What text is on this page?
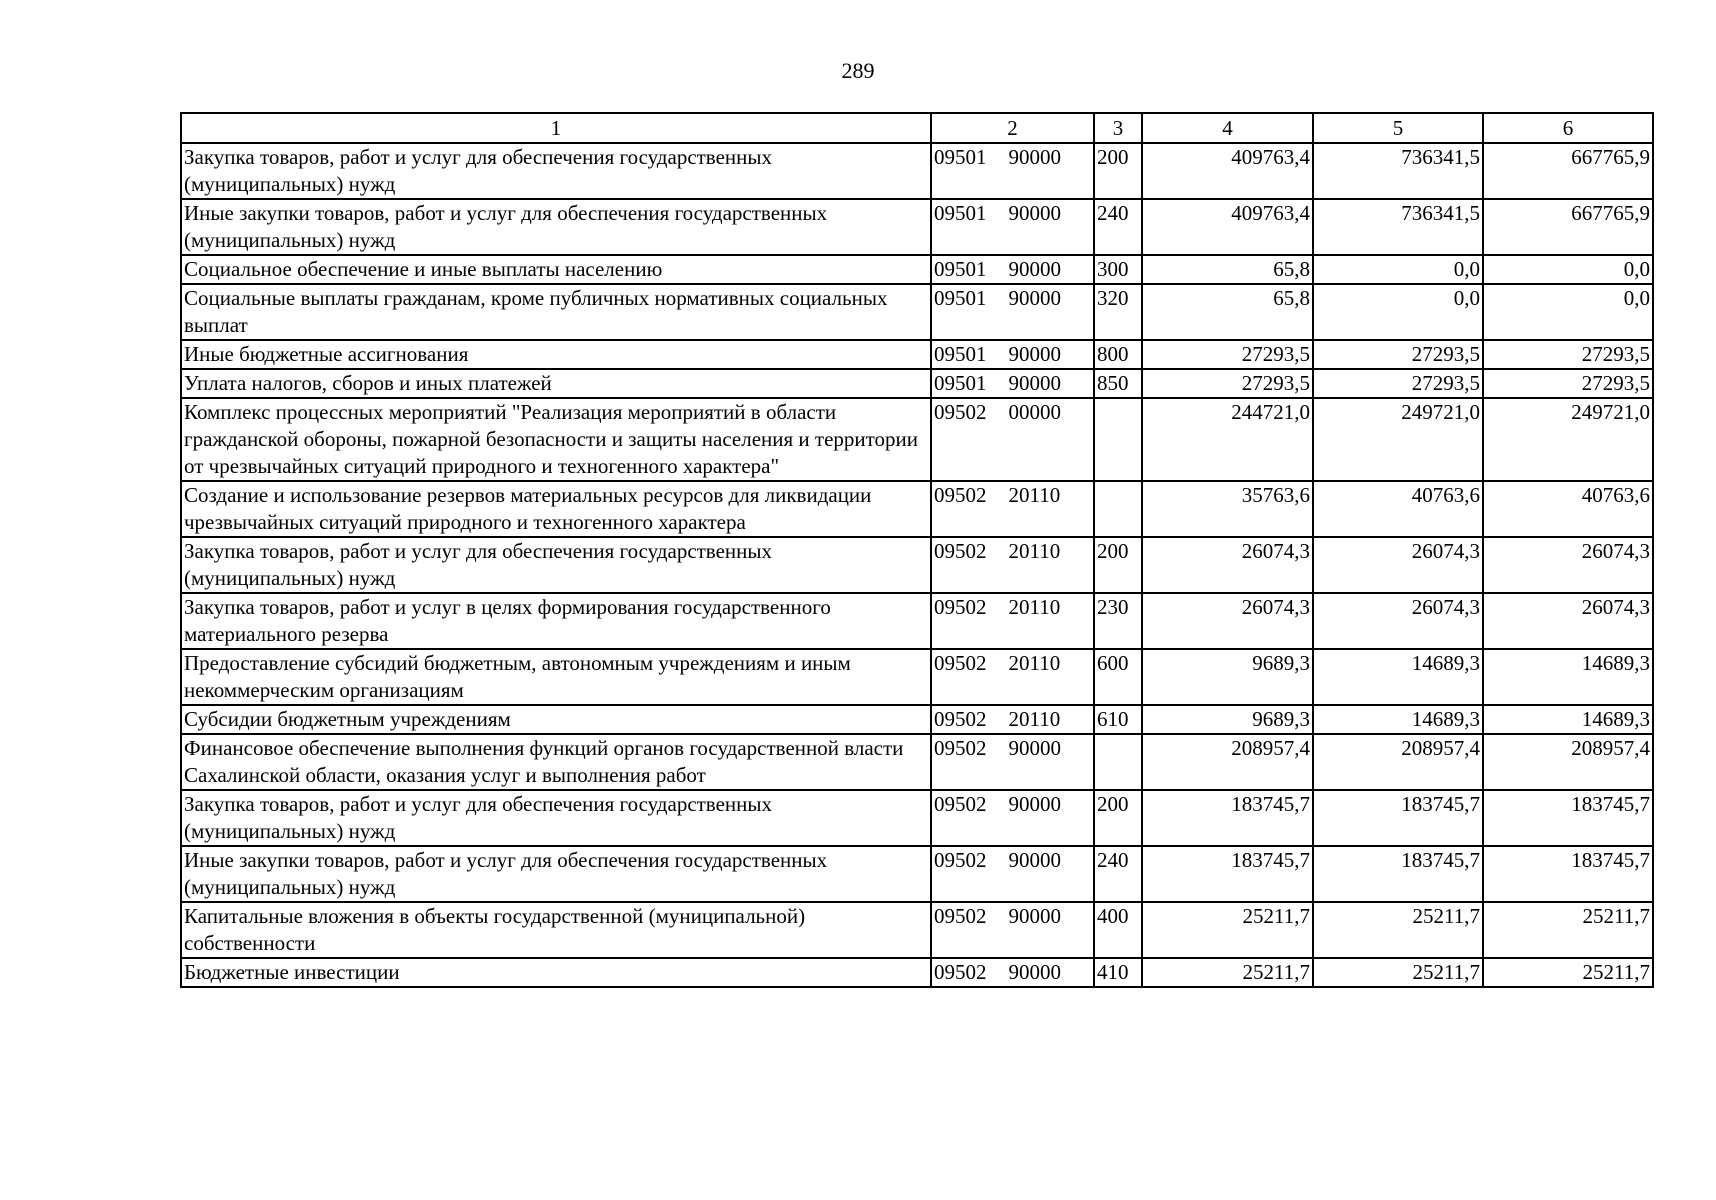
289
1	2	3	4	5	6
Закупка товаров, работ и услуг для обеспечения государственных (муниципальных) нужд	09501 90000	200	409763,4	736341,5	667765,9
Иные закупки товаров, работ и услуг для обеспечения государственных (муниципальных) нужд	09501 90000	240	409763,4	736341,5	667765,9
Социальное обеспечение и иные выплаты населению	09501 90000	300	65,8	0,0	0,0
Социальные выплаты гражданам, кроме публичных нормативных социальных выплат	09501 90000	320	65,8	0,0	0,0
Иные бюджетные ассигнования	09501 90000	800	27293,5	27293,5	27293,5
Уплата налогов, сборов и иных платежей	09501 90000	850	27293,5	27293,5	27293,5
Комплекс процессных мероприятий "Реализация мероприятий в области гражданской обороны, пожарной безопасности и защиты населения и территории от чрезвычайных ситуаций природного и техногенного характера"	09502 00000		244721,0	249721,0	249721,0
Создание и использование резервов материальных ресурсов для ликвидации чрезвычайных ситуаций природного и техногенного характера	09502 20110		35763,6	40763,6	40763,6
Закупка товаров, работ и услуг для обеспечения государственных (муниципальных) нужд	09502 20110	200	26074,3	26074,3	26074,3
Закупка товаров, работ и услуг в целях формирования государственного материального резерва	09502 20110	230	26074,3	26074,3	26074,3
Предоставление субсидий бюджетным, автономным учреждениям и иным некоммерческим организациям	09502 20110	600	9689,3	14689,3	14689,3
Субсидии бюджетным учреждениям	09502 20110	610	9689,3	14689,3	14689,3
Финансовое обеспечение выполнения функций органов государственной власти Сахалинской области, оказания услуг и выполнения работ	09502 90000		208957,4	208957,4	208957,4
Закупка товаров, работ и услуг для обеспечения государственных (муниципальных) нужд	09502 90000	200	183745,7	183745,7	183745,7
Иные закупки товаров, работ и услуг для обеспечения государственных (муниципальных) нужд	09502 90000	240	183745,7	183745,7	183745,7
Капитальные вложения в объекты государственной (муниципальной) собственности	09502 90000	400	25211,7	25211,7	25211,7
Бюджетные инвестиции	09502 90000	410	25211,7	25211,7	25211,7
